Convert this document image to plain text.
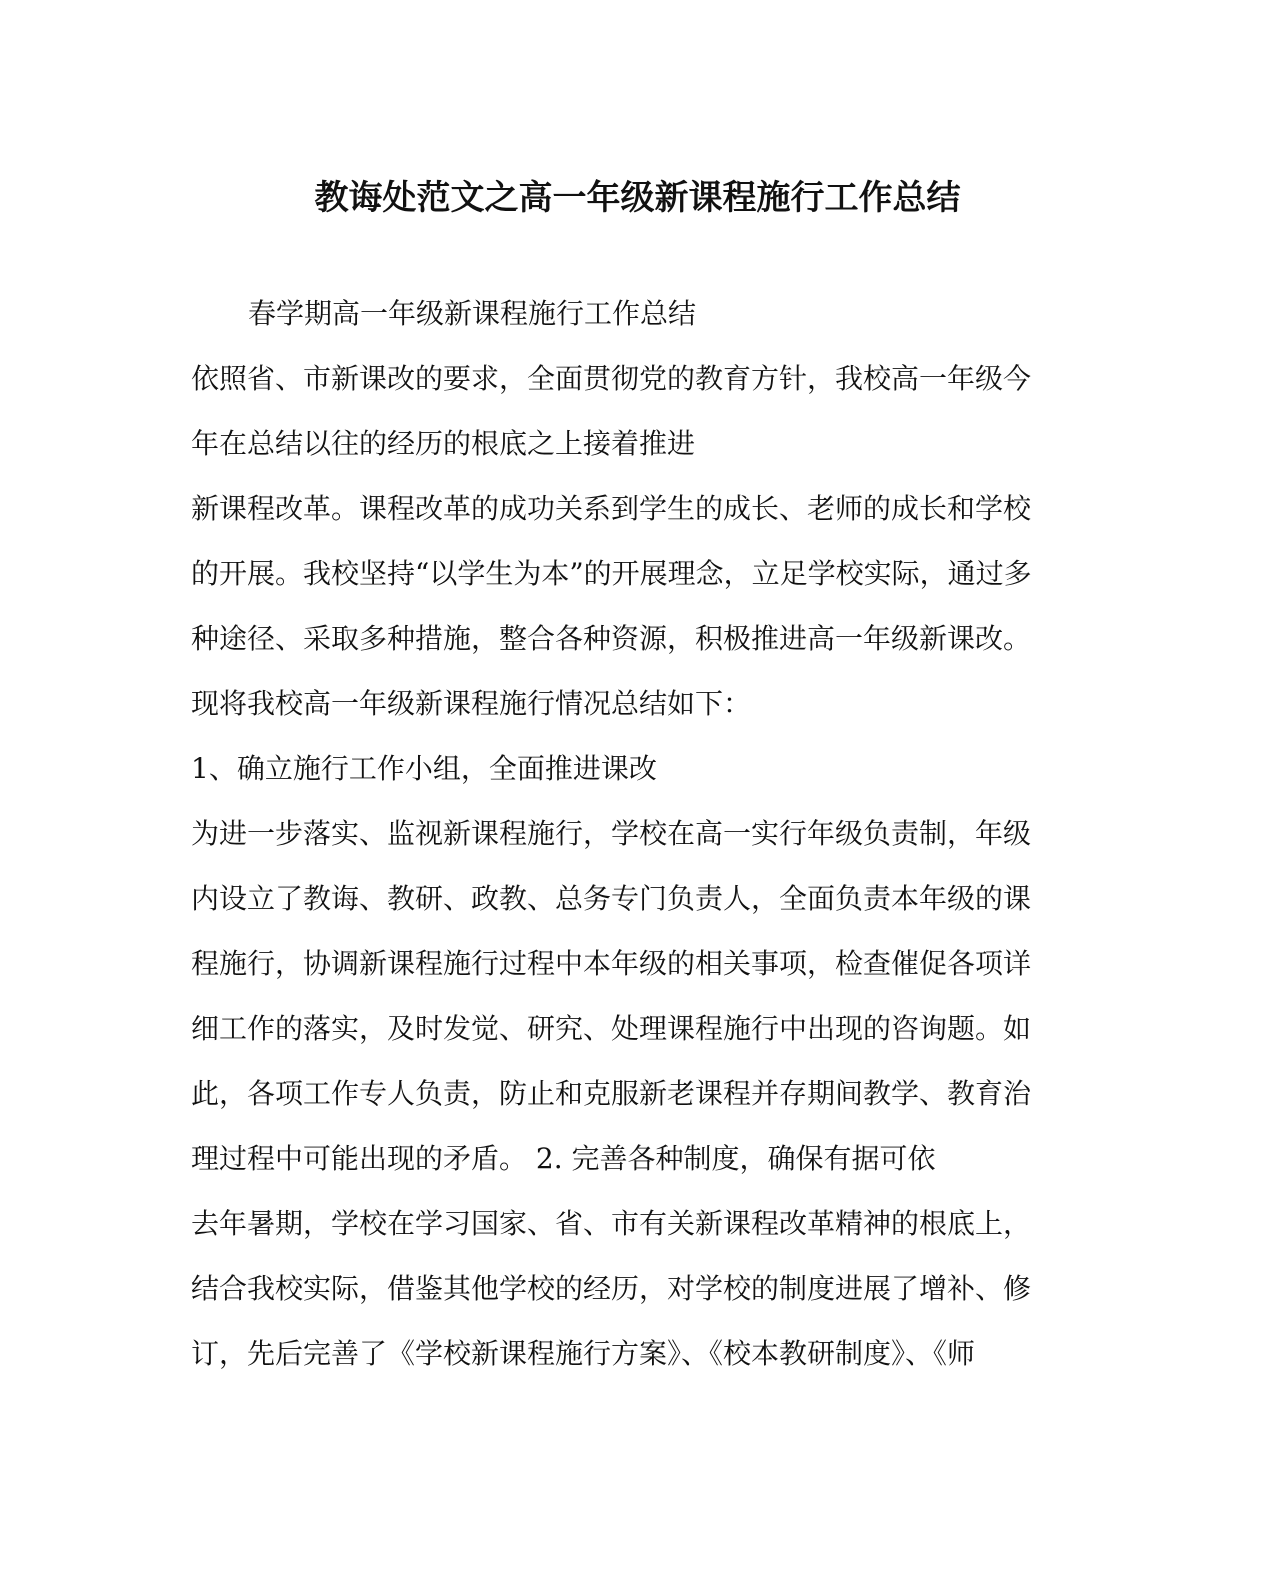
教诲处范文之高一年级新课程施行工作总结
春学期高一年级新课程施行工作总结
依照省、市新课改的要求，全面贯彻党的教育方针，我校高一年级今
年在总结以往的经历的根底之上接着推进
新课程改革。课程改革的成功关系到学生的成长、老师的成长和学校
的开展。我校坚持“以学生为本”的开展理念，立足学校实际，通过多
种途径、采取多种措施，整合各种资源，积极推进高一年级新课改。
现将我校高一年级新课程施行情况总结如下：
1、确立施行工作小组，全面推进课改
为进一步落实、监视新课程施行，学校在高一实行年级负责制，年级
内设立了教诲、教研、政教、总务专门负责人，全面负责本年级的课
程施行，协调新课程施行过程中本年级的相关事项，检查催促各项详
细工作的落实，及时发觉、研究、处理课程施行中出现的咨询题。如
此，各项工作专人负责，防止和克服新老课程并存期间教学、教育治
理过程中可能出现的矛盾。 2. 完善各种制度，确保有据可依
去年暑期，学校在学习国家、省、市有关新课程改革精神的根底上，
结合我校实际，借鉴其他学校的经历，对学校的制度进展了增补、修
订，先后完善了《学校新课程施行方案》、《校本教研制度》、《师
